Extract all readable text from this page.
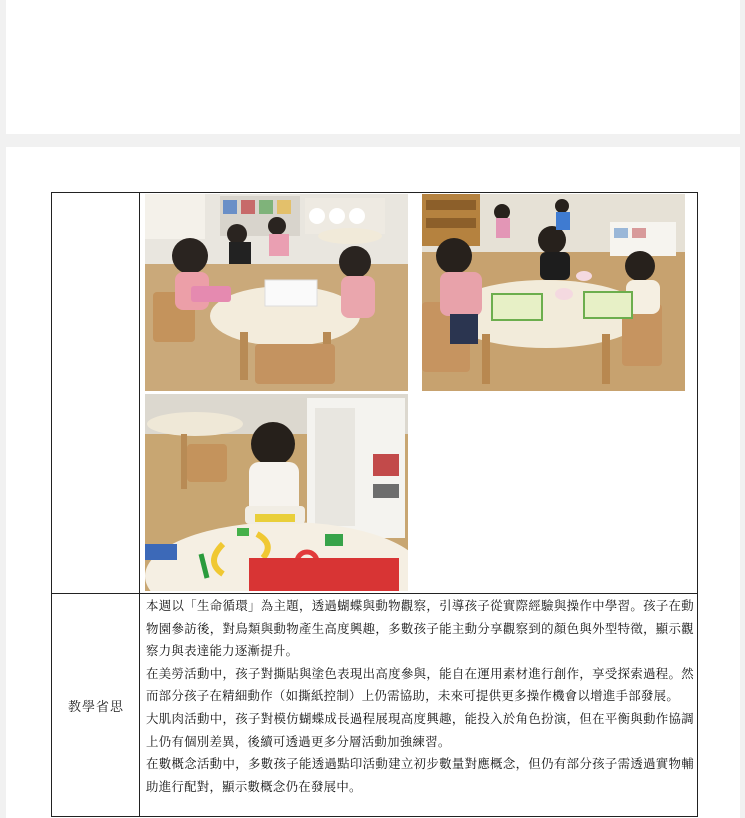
教學省思

本週以「生命循環」為主題，透過蝴蝶與動物觀察，引導孩子從實際經驗與操作中學習。孩子在動物園參訪後，對鳥類與動物產生高度興趣，多數孩子能主動分享觀察到的顏色與外型特徵，顯示觀察力與表達能力逐漸提升。

在美勞活動中，孩子對撕貼與塗色表現出高度參與，能自在運用素材進行創作，享受探索過程。然而部分孩子在精細動作（如撕紙控制）上仍需協助，未來可提供更多操作機會以增進手部發展。

大肌肉活動中，孩子對模仿蝴蝶成長過程展現高度興趣，能投入於角色扮演，但在平衡與動作協調上仍有個別差異，後續可透過更多分層活動加強練習。

在數概念活動中，多數孩子能透過點印活動建立初步數量對應概念，但仍有部分孩子需透過實物輔助進行配對，顯示數概念仍在發展中。
